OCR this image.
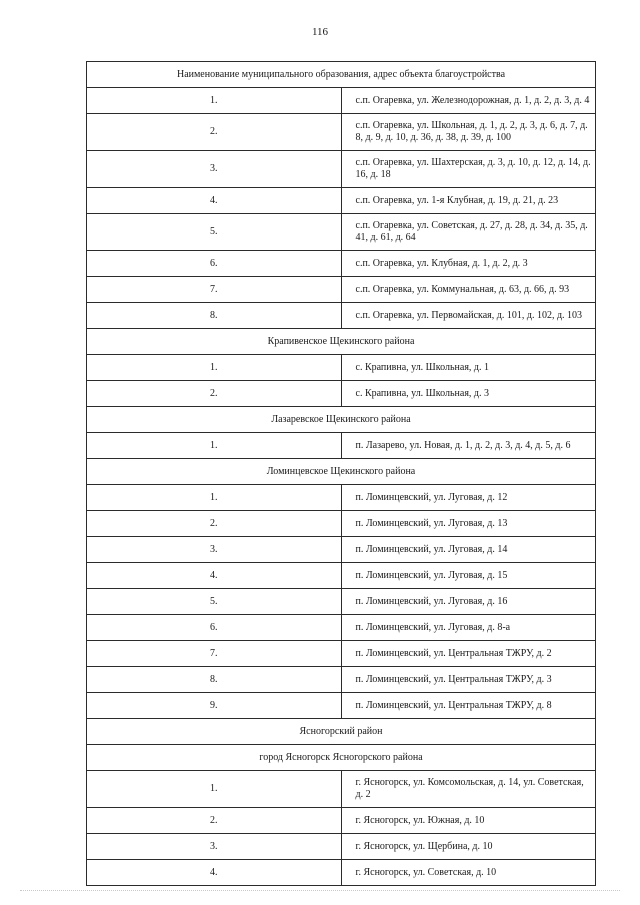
116
Наименование муниципального образования, адрес объекта благоустройства	
1.	с.п. Огаревка, ул. Железнодорожная, д. 1, д. 2, д. 3, д. 4
2.	с.п. Огаревка, ул. Школьная, д. 1, д. 2, д. 3, д. 6, д. 7, д. 8, д. 9, д. 10, д. 36, д. 38, д. 39, д. 100
3.	с.п. Огаревка, ул. Шахтерская, д. 3, д. 10, д. 12, д. 14, д. 16, д. 18
4.	с.п. Огаревка, ул. 1-я Клубная, д. 19, д. 21, д. 23
5.	с.п. Огаревка, ул. Советская, д. 27, д. 28, д. 34, д. 35, д. 41, д. 61, д. 64
6.	с.п. Огаревка, ул. Клубная, д. 1, д. 2, д. 3
7.	с.п. Огаревка, ул. Коммунальная, д. 63, д. 66, д. 93
8.	с.п. Огаревка, ул. Первомайская, д. 101, д. 102, д. 103
Крапивенское Щекинского района	
1.	с. Крапивна, ул. Школьная, д. 1
2.	с. Крапивна, ул. Школьная, д. 3
Лазаревское Щекинского района	
1.	п. Лазарево, ул. Новая, д. 1, д. 2, д. 3, д. 4, д. 5, д. 6
Ломинцевское Щекинского района	
1.	п. Ломинцевский, ул. Луговая, д. 12
2.	п. Ломинцевский, ул. Луговая, д. 13
3.	п. Ломинцевский, ул. Луговая, д. 14
4.	п. Ломинцевский, ул. Луговая, д. 15
5.	п. Ломинцевский, ул. Луговая, д. 16
6.	п. Ломинцевский, ул. Луговая, д. 8-а
7.	п. Ломинцевский, ул. Центральная ТЖРУ, д. 2
8.	п. Ломинцевский, ул. Центральная ТЖРУ, д. 3
9.	п. Ломинцевский, ул. Центральная ТЖРУ, д. 8
Ясногорский район	
город Ясногорск Ясногорского района	
1.	г. Ясногорск, ул. Комсомольская, д. 14, ул. Советская, д. 2
2.	г. Ясногорск, ул. Южная, д. 10
3.	г. Ясногорск, ул. Щербина, д. 10
4.	г. Ясногорск, ул. Советская, д. 10
